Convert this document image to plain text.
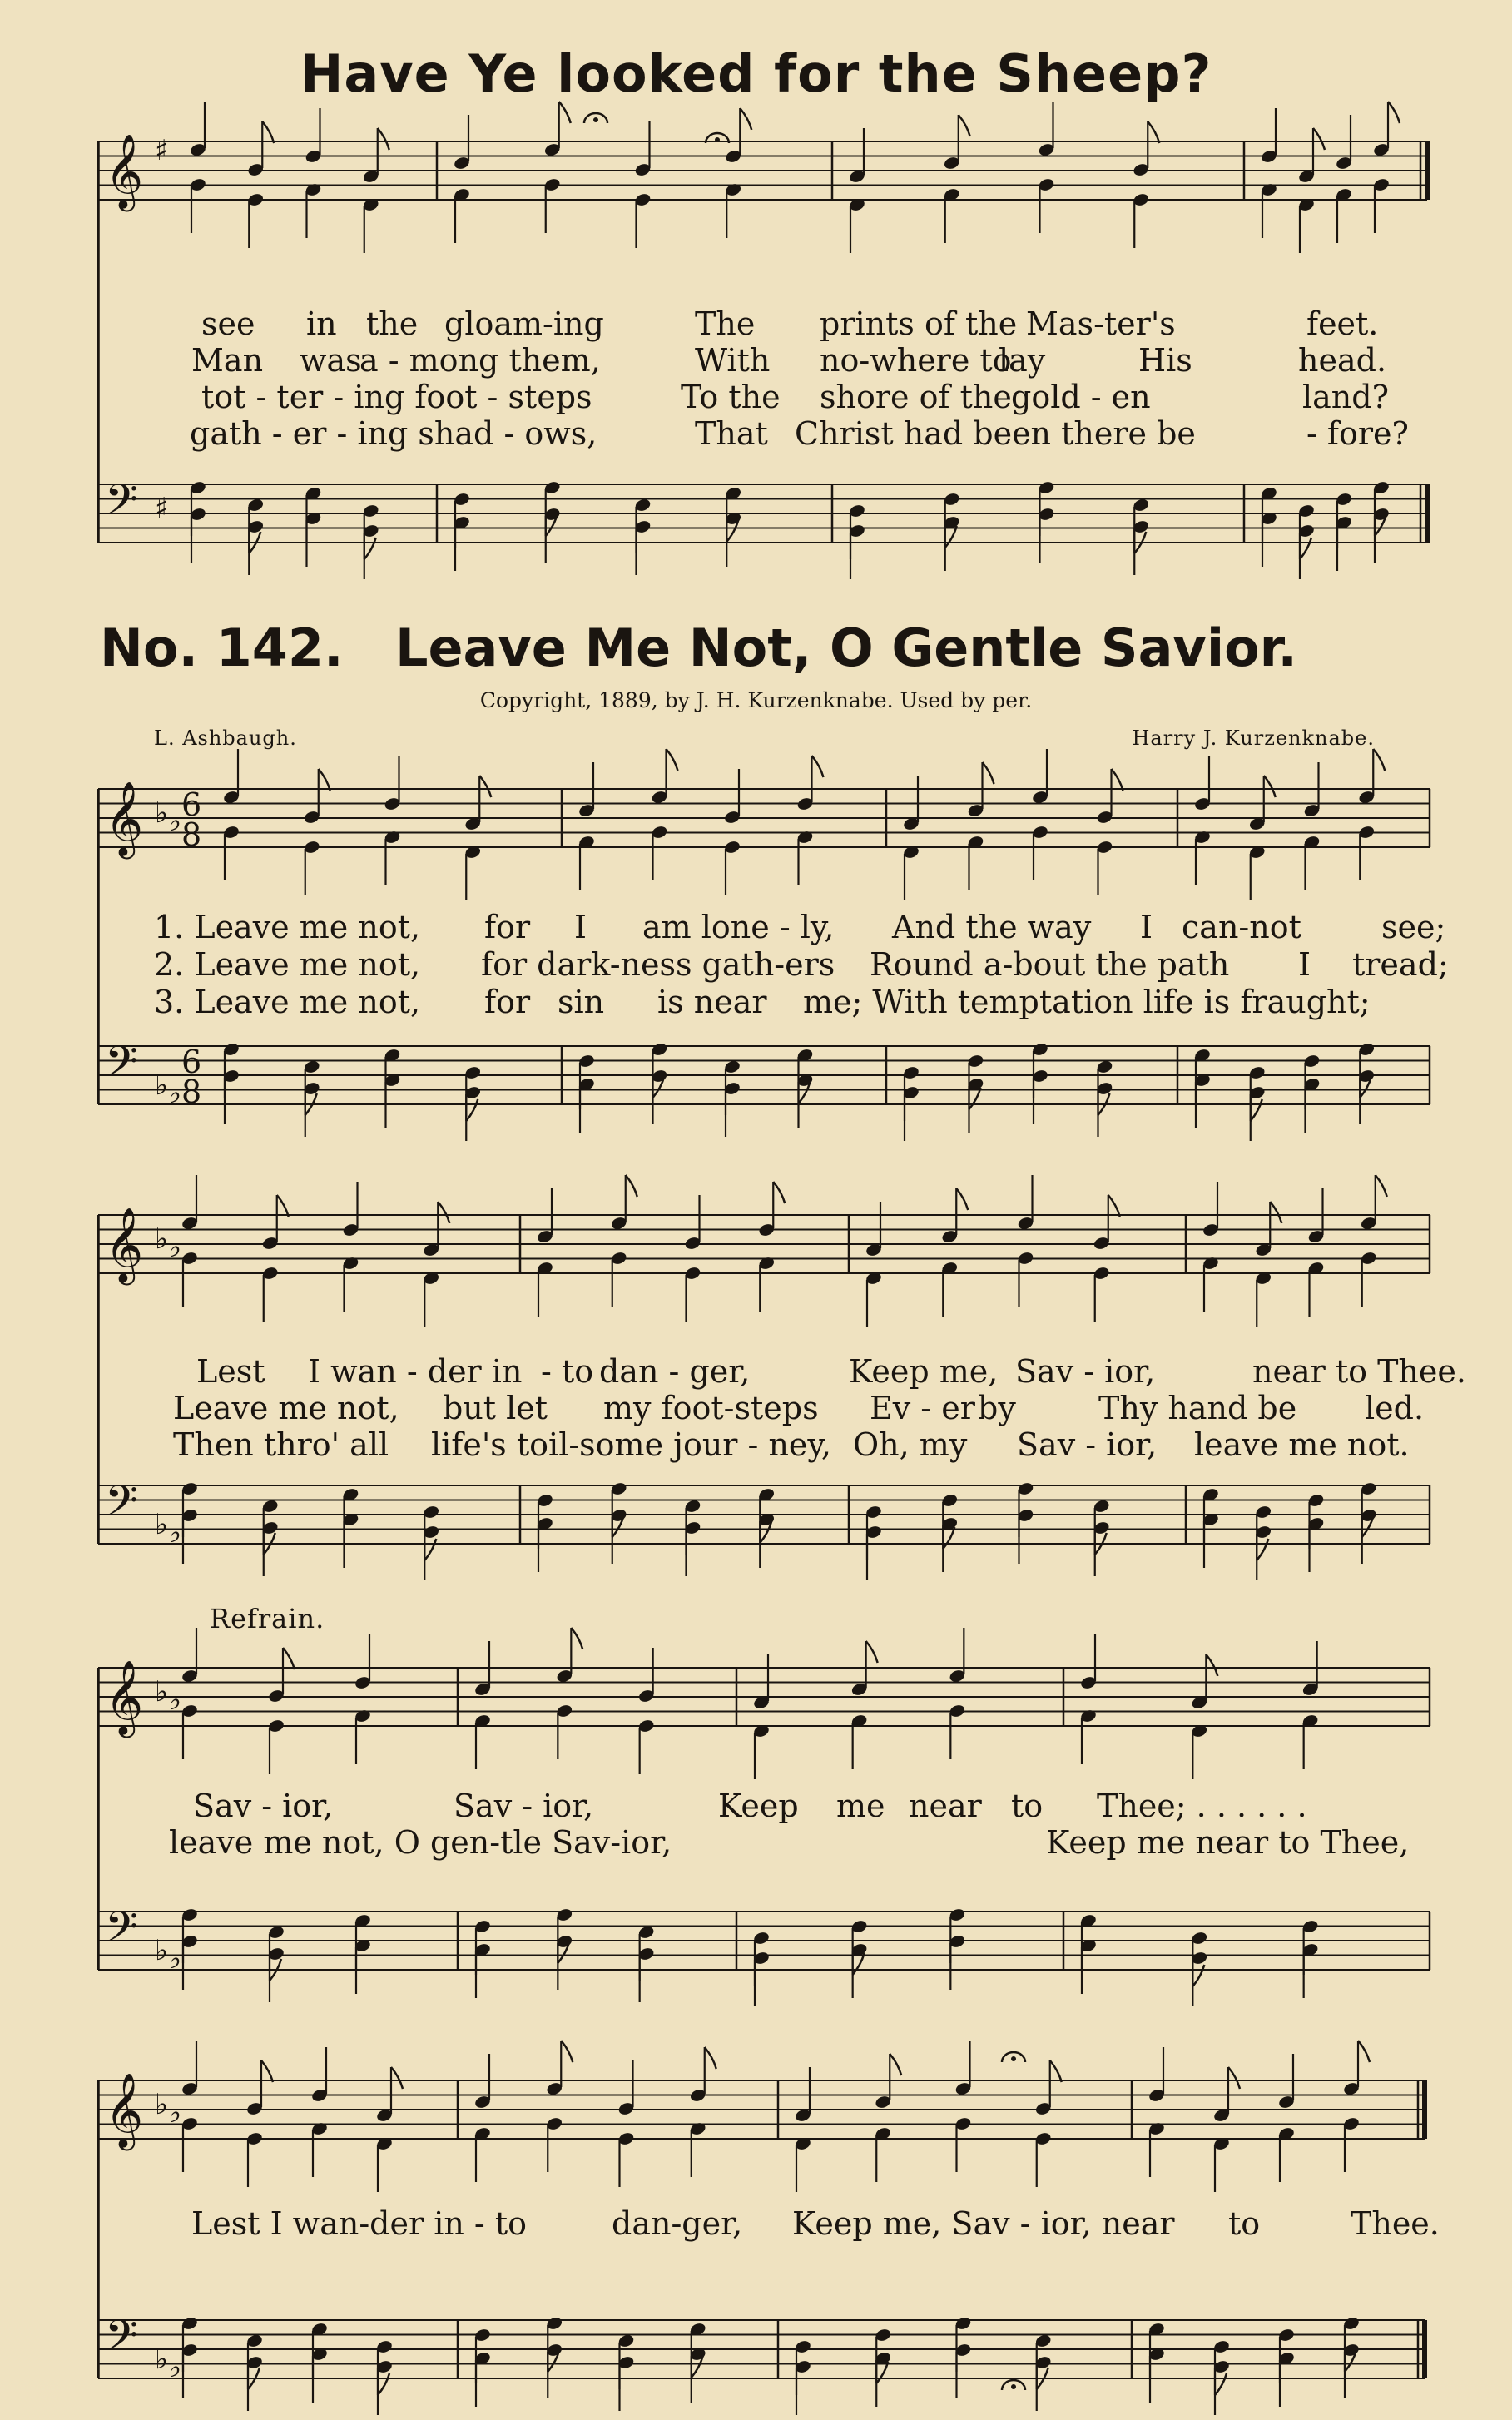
Have Ye looked for the Sheep?
No. 142. Leave Me Not, O Gentle Savior.
Copyright, 1889, by J. H. Kurzenknabe. Used by per.
L. Ashbaugh.	Harry J. Kurzenknabe.
Refrain.
see in the gloam-ing	The prints of the Mas-ter's	feet.
Man was
a - mong them,	With no-where to
lay	His	head.
tot - ter - ing foot - steps	To the shore of the gold - en	land?
gath - er - ing shad - ows,	That Christ had been there be	- fore?
1. Leave me not, for I am lone - ly, And the way I can-not	see;
2. Leave me not, for dark-ness gath-ers Round a-bout the path I tread;
3. Leave me not, for sin is near me; With temptation life is fraught;
Lest I wan - der in - to dan - ger,	Keep me, Sav - ior,	near to Thee.
Leave me not, but let my foot-steps Ev - er by	Thy hand be led.
Then thro' all life's toil-some jour - ney, Oh, my Sav - ior, leave me not.
Sav - ior,	Sav - ior,	Keep me near to Thee; . . . . . .
leave me not, O gen-tle Sav-ior,	Keep me near to Thee,
Lest I wan-der in - to	dan-ger, Keep me, Sav - ior, near to	Thee.
𝄞
𝄢
♯
♯
𝄞
𝄢
♭ ♭
♭ ♭
6
8
6
8
𝄞
𝄢
♭ ♭
♭ ♭
𝄞
𝄢
♭ ♭
♭ ♭
𝄞
𝄢
♭ ♭
♭ ♭
